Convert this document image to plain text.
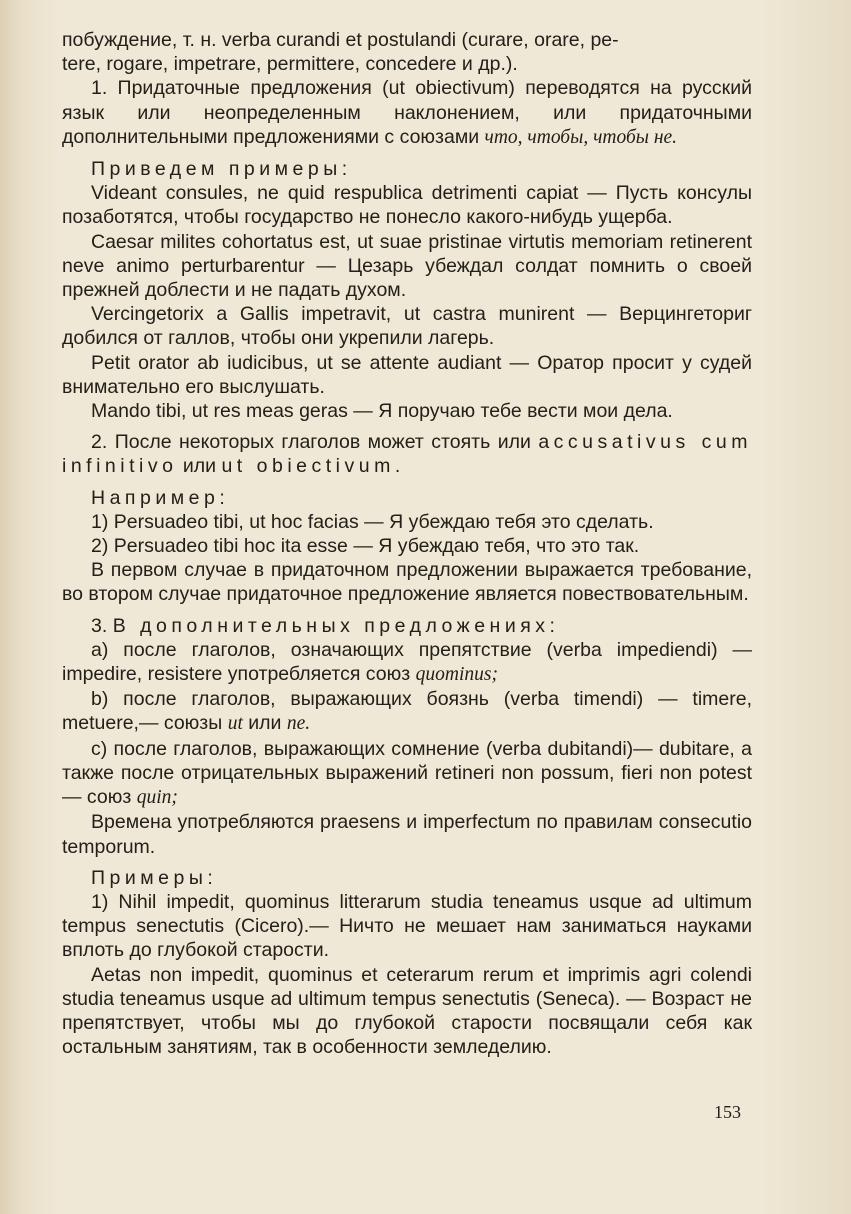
побуждение, т. н. verba curandi et postulandi (curare, orare, pe-

tere, rogare, impetrare, permittere, concedere и др.).

1. Придаточные предложения (ut obiectivum) переводятся на русский язык или неопределенным наклонением, или придаточными дополнительными предложениями с союзами что, чтобы, чтобы не.

Приведем примеры:

Videant consules, ne quid respublica detrimenti capiat — Пусть консулы позаботятся, чтобы государство не понесло какого-нибудь ущерба.

Caesar milites cohortatus est, ut suae pristinae virtutis memoriam retinerent neve animo perturbarentur — Цезарь убеждал солдат помнить о своей прежней доблести и не падать духом.

Vercingetorix a Gallis impetravit, ut castra munirent — Верцингеториг добился от галлов, чтобы они укрепили лагерь.

Petit orator ab iudicibus, ut se attente audiant — Оратор просит у судей внимательно его выслушать.

Mando tibi, ut res meas geras — Я поручаю тебе вести мои дела.

2. После некоторых глаголов может стоять или accusativus cum infinitivo или ut obiectivum.

Например:

1) Persuadeo tibi, ut hoc facias — Я убеждаю тебя это сделать.

2) Persuadeo tibi hoc ita esse — Я убеждаю тебя, что это так.

В первом случае в придаточном предложении выражается требование, во втором случае придаточное предложение является повествовательным.

3. В дополнительных предложениях:

а) после глаголов, означающих препятствие (verba impediendi) — impedire, resistere употребляется союз quominus;

b) после глаголов, выражающих боязнь (verba timendi) — timere, metuere,— союзы ut или ne.

с) после глаголов, выражающих сомнение (verba dubitandi)— dubitare, а также после отрицательных выражений retineri non possum, fieri non potest — союз quin;

Времена употребляются praesens и imperfectum по правилам consecutio temporum.

Примеры:

1) Nihil impedit, quominus litterarum studia teneamus usque ad ultimum tempus senectutis (Cicero).— Ничто не мешает нам заниматься науками вплоть до глубокой старости.

Aetas non impedit, quominus et ceterarum rerum et imprimis agri colendi studia teneamus usque ad ultimum tempus senectutis (Seneca). — Возраст не препятствует, чтобы мы до глубокой старости посвящали себя как остальным занятиям, так в особенности земледелию.

153
